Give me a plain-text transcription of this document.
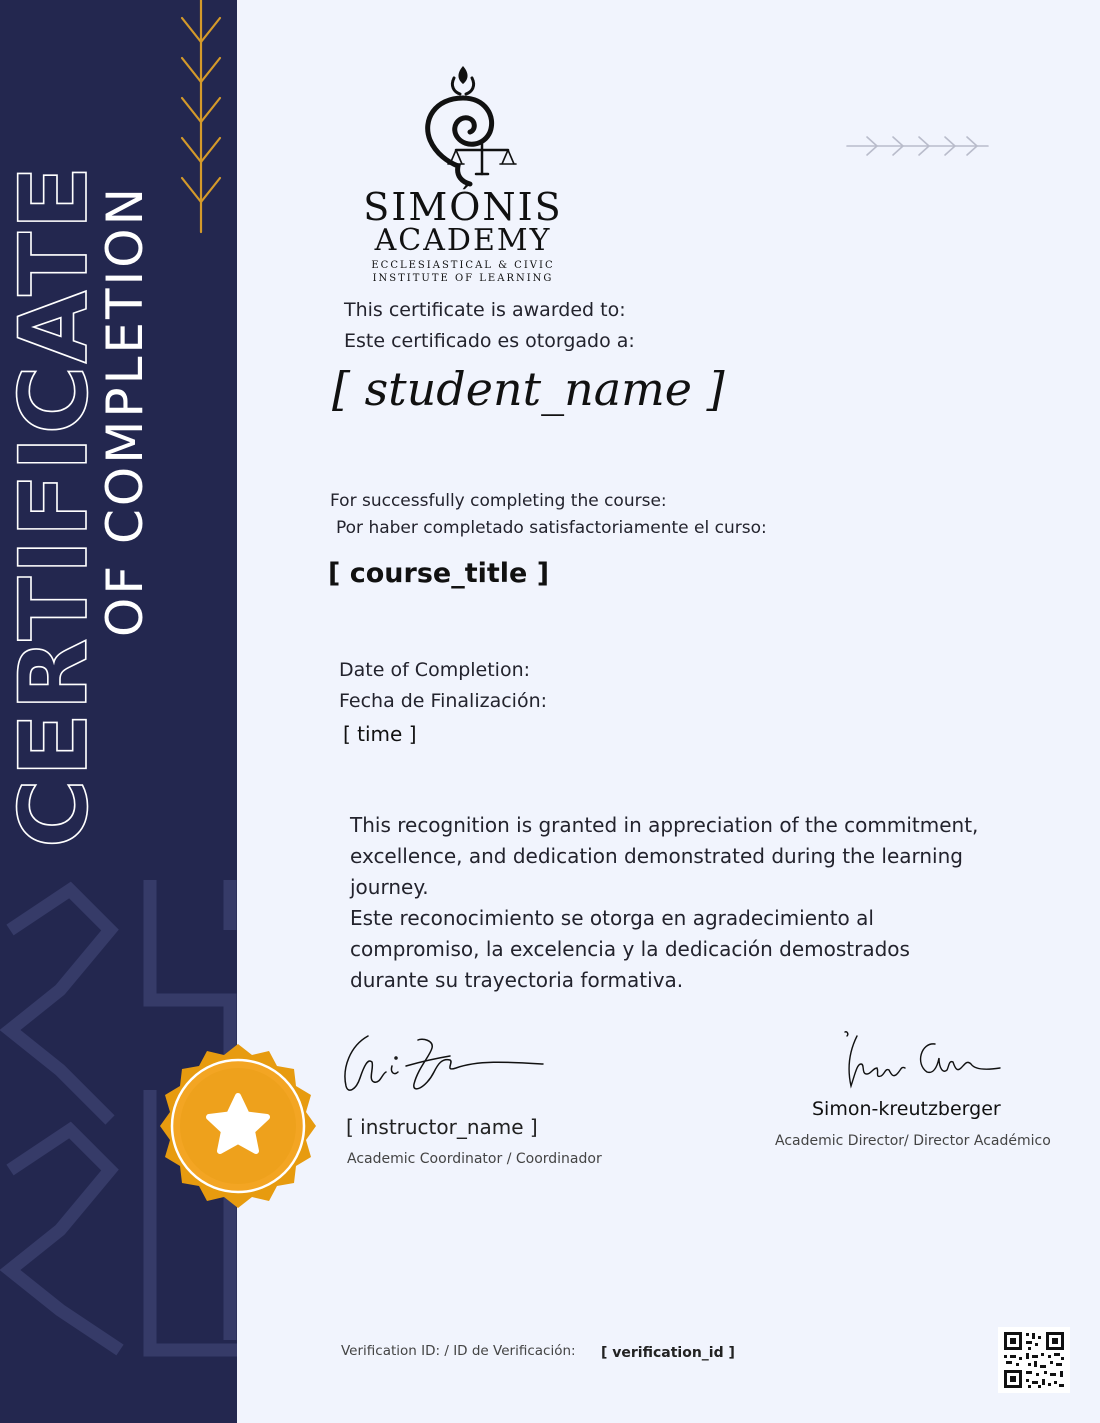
CERTIFICATE
OF COMPLETION	SIMÓNIS
ACADEMY
ECCLESIASTICAL & CIVIC
INSTITUTE OF LEARNING

This certificate is awarded to:

Este certificado es otorgado a:

[ student_name ]

For successfully completing the course:

Por haber completado satisfactoriamente el curso:

[ course_title ]

Date of Completion:

Fecha de Finalización:

[ time ]

This recognition is granted in appreciation of the commitment, excellence, and dedication demonstrated during the learning journey.

Este reconocimiento se otorga en agradecimiento al compromiso, la excelencia y la dedicación demostrados durante su trayectoria formativa.

[ instructor_name ]

Academic Coordinator / Coordinador

Simon-kreutzberger

Academic Director/ Director Académico

Verification ID: / ID de Verificación: [ verification_id ]
